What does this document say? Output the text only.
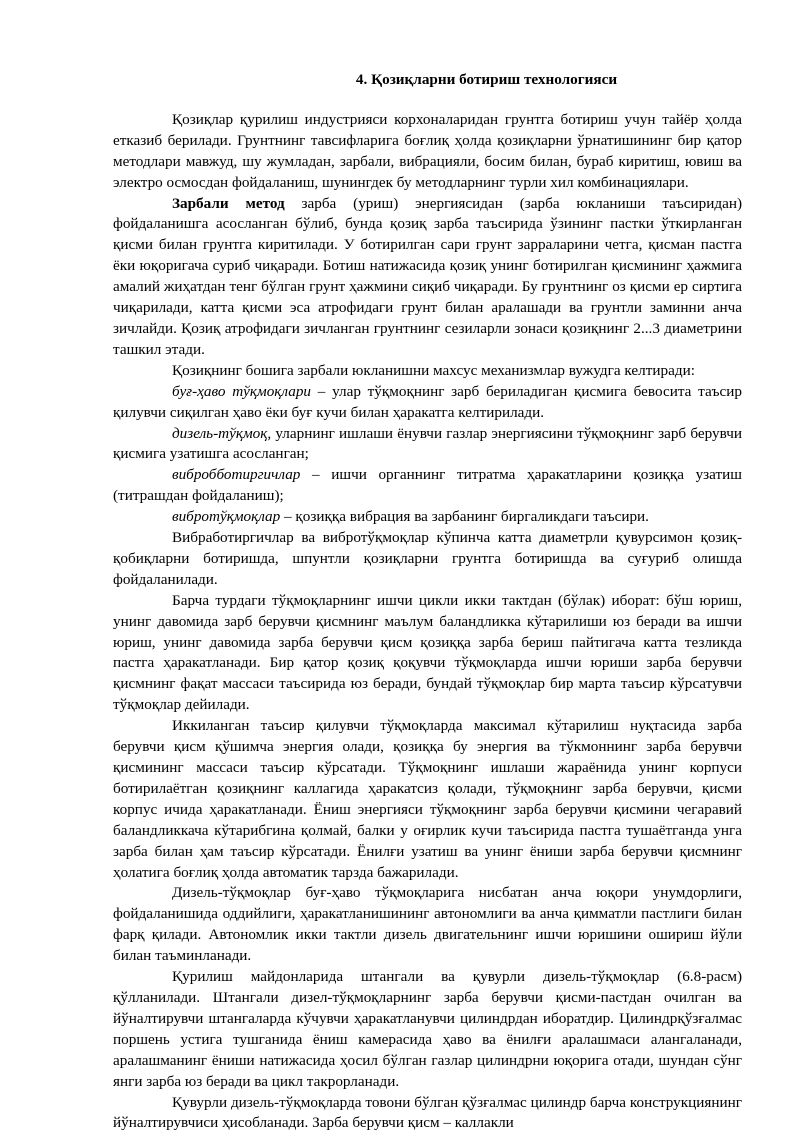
4. Қозиқларни ботириш технологияси

Қозиқлар қурилиш индустрияси корхоналаридан грунтга ботириш учун тайёр ҳолда етказиб берилади. Грунтнинг тавсифларига боғлиқ ҳолда қозиқларни ўрнатишининг бир қатор методлари мавжуд, шу жумладан, зарбали, вибрацияли, босим билан, бураб киритиш, ювиш ва электро осмосдан фойдаланиш, шунингдек бу методларнинг турли хил комбинациялари.

Зарбали метод зарба (уриш) энергиясидан (зарба юкланиши таъсиридан) фойдаланишга асосланган бўлиб, бунда қозиқ зарба таъсирида ўзининг пастки ўткирланган қисми билан грунтга киритилади. У ботирилган сари грунт зарраларини четга, қисман пастга ёки юқоригача суриб чиқаради. Ботиш натижасида қозиқ унинг ботирилган қисмининг ҳажмига амалий жиҳатдан тенг бўлган грунт ҳажмини сиқиб чиқаради. Бу грунтнинг оз қисми ер сиртига чиқарилади, катта қисми эса атрофидаги грунт билан аралашади ва грунтли заминни анча зичлайди. Қозиқ атрофидаги зичланган грунтнинг сезиларли зонаси қозиқнинг 2...3 диаметрини ташкил этади.

Қозиқнинг бошига зарбали юкланишни махсус механизмлар вужудга келтиради:

буғ-ҳаво тўқмоқлари – улар тўқмоқнинг зарб бериладиган қисмига бевосита таъсир қилувчи сиқилган ҳаво ёки буғ кучи билан ҳаракатга келтирилади.

дизель-тўқмоқ, уларнинг ишлаши ёнувчи газлар энергиясини тўқмоқнинг зарб берувчи қисмига узатишга асосланган;

вибробботиргичлар – ишчи органнинг титратма ҳаракатларини қозиққа узатиш (титрашдан фойдаланиш);

вибротўқмоқлар – қозиққа вибрация ва зарбанинг биргаликдаги таъсири.

Вибработиргичлар ва вибротўқмоқлар кўпинча катта диаметрли қувурсимон қозиқ-қобиқларни ботиришда, шпунтли қозиқларни грунтга ботиришда ва суғуриб олишда фойдаланилади.

Барча турдаги тўқмоқларнинг ишчи цикли икки тактдан (бўлак) иборат: бўш юриш, унинг давомида зарб берувчи қисмнинг маълум баландликка кўтарилиши юз беради ва ишчи юриш, унинг давомида зарба берувчи қисм қозиққа зарба бериш пайтигача катта тезликда пастга ҳаракатланади. Бир қатор қозиқ қоқувчи тўқмоқларда ишчи юриши зарба берувчи қисмнинг фақат массаси таъсирида юз беради, бундай тўқмоқлар бир марта таъсир кўрсатувчи тўқмоқлар дейилади.

Иккиланган таъсир қилувчи тўқмоқларда максимал кўтарилиш нуқтасида зарба берувчи қисм қўшимча энергия олади, қозиққа бу энергия ва тўкмоннинг зарба берувчи қисмининг массаси таъсир кўрсатади. Тўқмоқнинг ишлаши жараёнида унинг корпуси ботирилаётган қозиқнинг каллагида ҳаракатсиз қолади, тўқмоқнинг зарба берувчи, қисми корпус ичида ҳаракатланади. Ёниш энергияси тўқмоқнинг зарба берувчи қисмини чегаравий баландликкача кўтарибгина қолмай, балки у оғирлик кучи таъсирида пастга тушаётганда унга зарба билан ҳам таъсир кўрсатади. Ёнилғи узатиш ва унинг ёниши зарба берувчи қисмнинг ҳолатига боғлиқ ҳолда автоматик тарзда бажарилади.

Дизель-тўқмоқлар буғ-ҳаво тўқмоқларига нисбатан анча юқори унумдорлиги, фойдаланишида оддийлиги, ҳаракатланишининг автономлиги ва анча қимматли пастлиги билан фарқ қилади. Автономлик икки тактли дизель двигательнинг ишчи юришини ошириш йўли билан таъминланади.

Қурилиш майдонларида штангали ва қувурли дизель-тўқмоқлар (6.8-расм) қўлланилади. Штангали дизел-тўқмоқларнинг зарба берувчи қисми-пастдан очилган ва йўналтирувчи штангаларда кўчувчи ҳаракатланувчи цилиндрдан иборатдир. Цилиндрқўзғалмас поршень устига тушганида ёниш камерасида ҳаво ва ёнилғи аралашмаси алангаланади, аралашманинг ёниши натижасида ҳосил бўлган газлар цилиндрни юқорига отади, шундан сўнг янги зарба юз беради ва цикл такрорланади.

Қувурли дизель-тўқмоқларда товони бўлган қўзғалмас цилиндр барча конструкциянинг йўналтирувчиси ҳисобланади. Зарба берувчи қисм – каллакли
